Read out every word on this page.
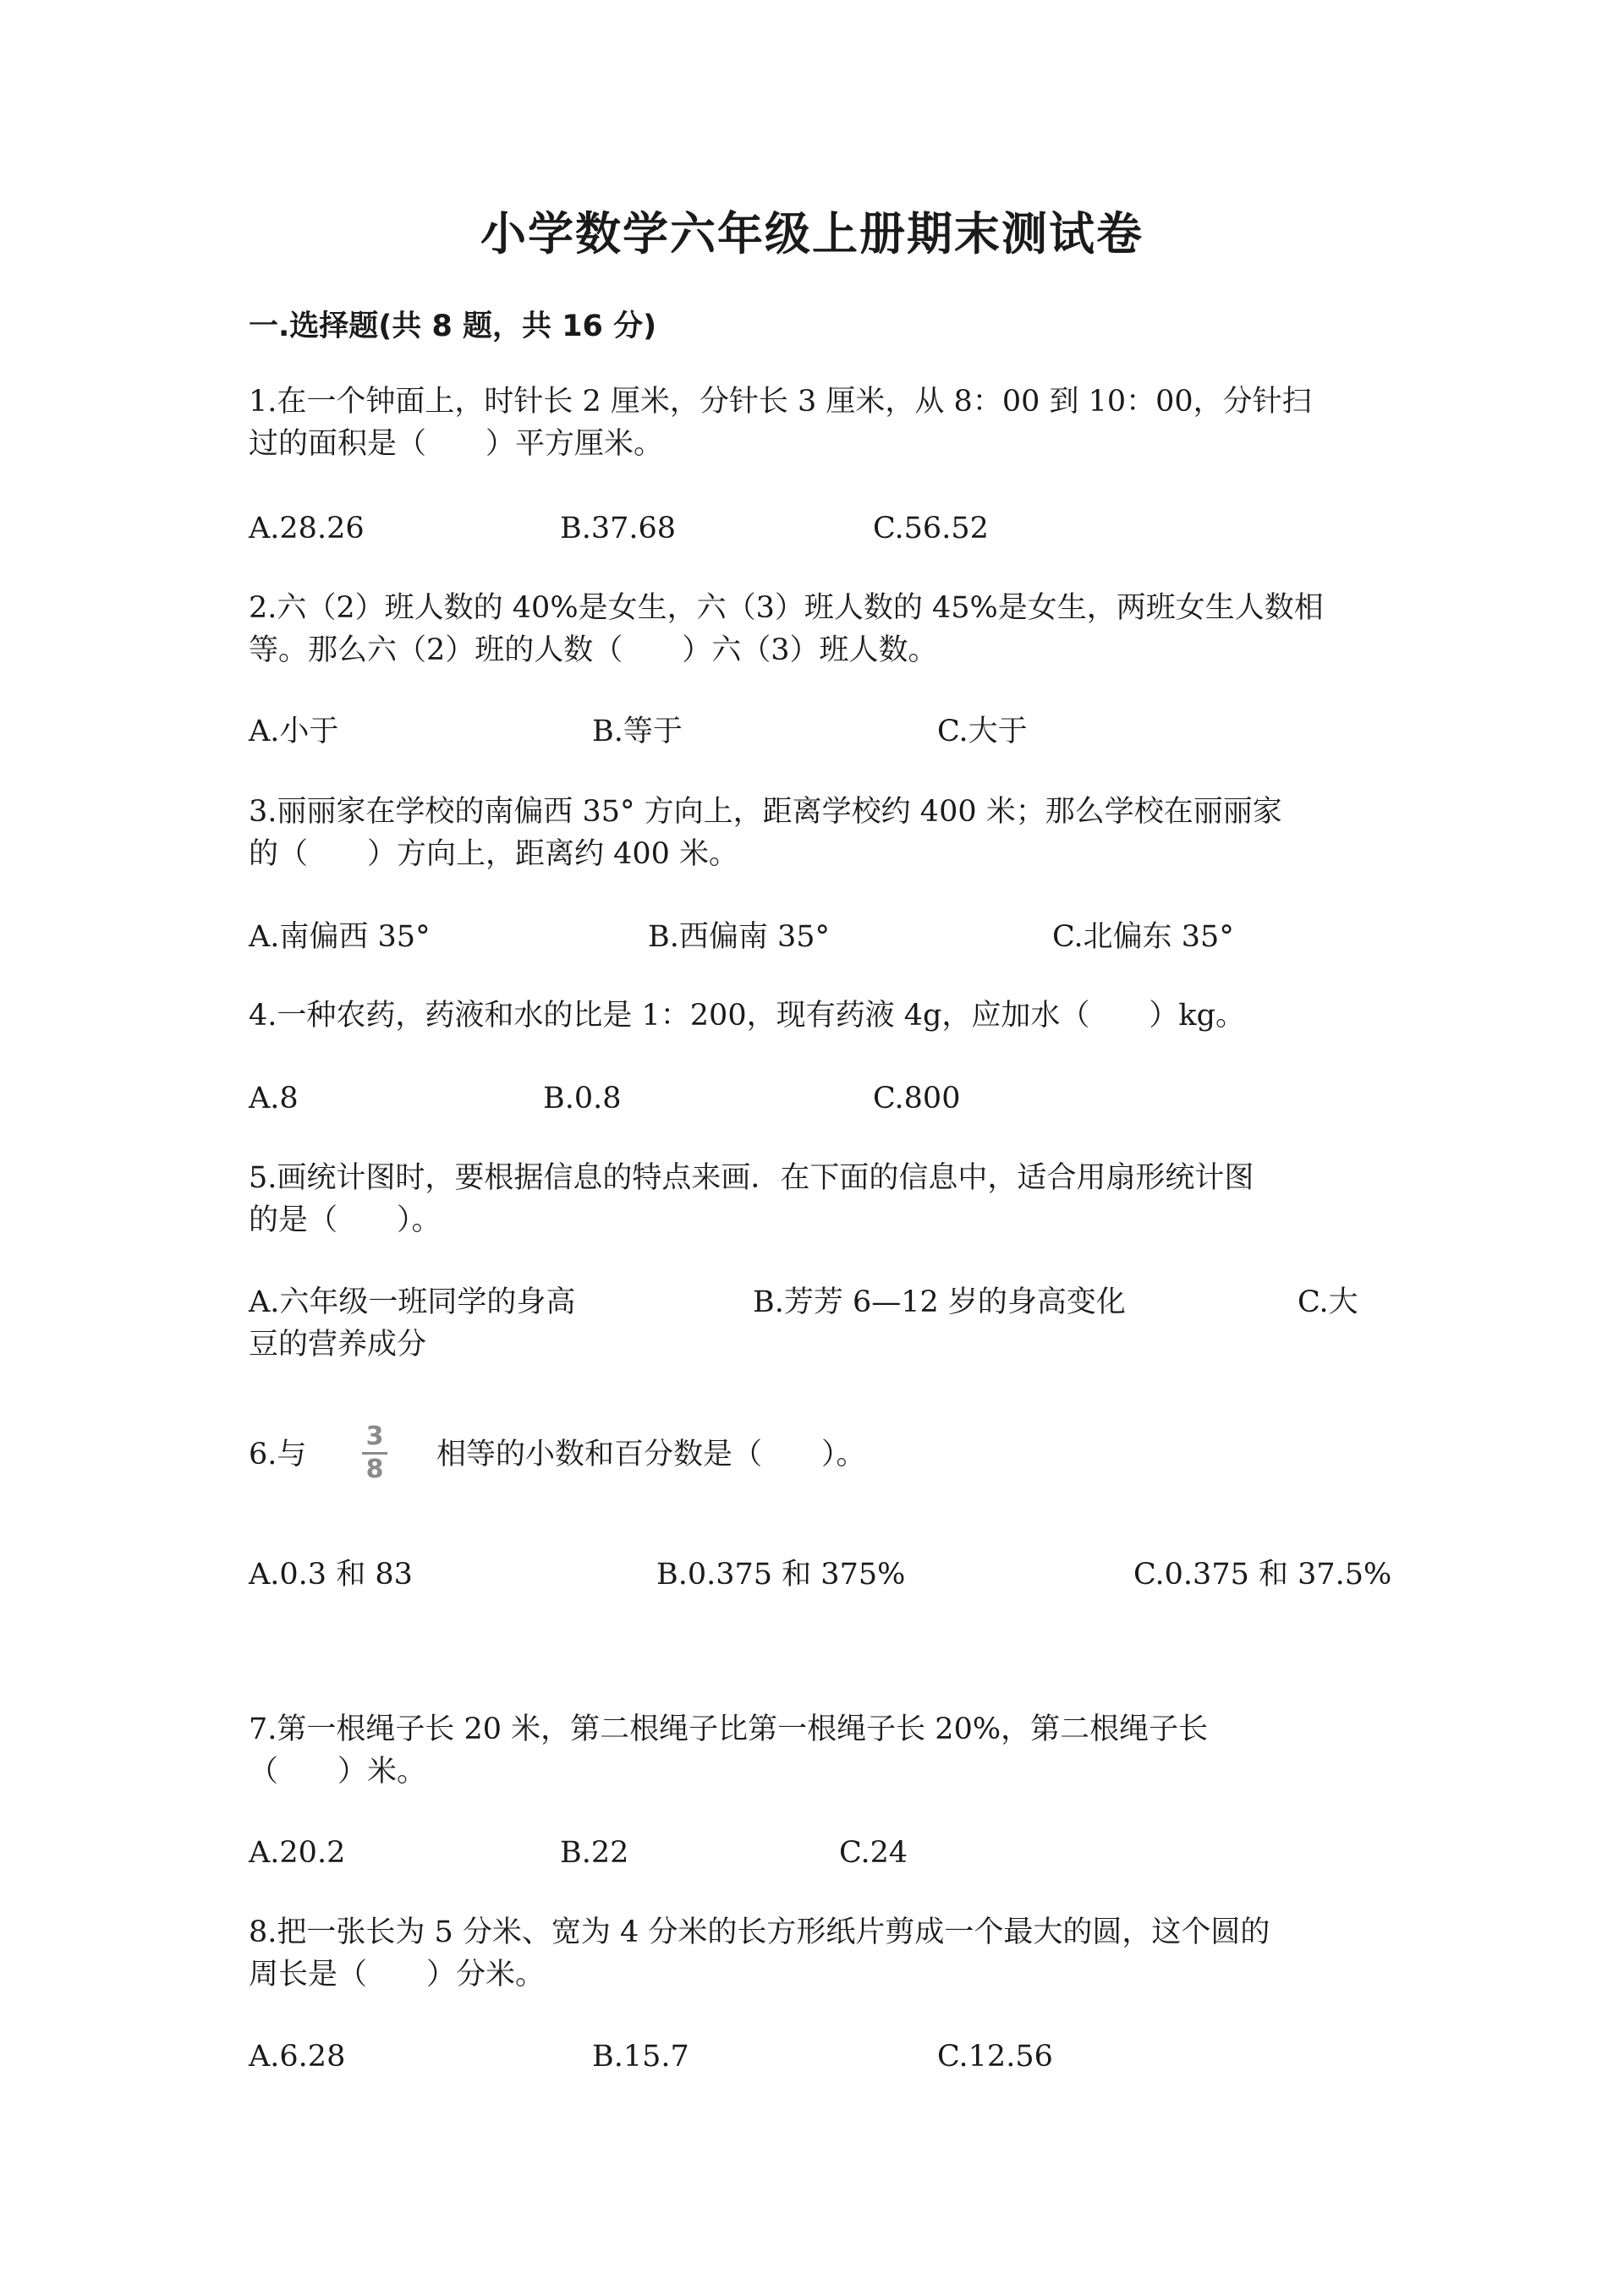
小学数学六年级上册期末测试卷
一.选择题(共 8 题，共 16 分)
1.在一个钟面上，时针长 2 厘米，分针长 3 厘米，从 8：00 到 10：00，分针扫
过的面积是（　　）平方厘米。
A.28.26	B.37.68	C.56.52
2.六（2）班人数的 40%是女生，六（3）班人数的 45%是女生，两班女生人数相
等。那么六（2）班的人数（　　）六（3）班人数。
A.小于	B.等于	C.大于
3.丽丽家在学校的南偏西 35° 方向上，距离学校约 400 米；那么学校在丽丽家
的（　　）方向上，距离约 400 米。
A.南偏西 35°	B.西偏南 35°	C.北偏东 35°
4.一种农药，药液和水的比是 1：200，现有药液 4g，应加水（　　）kg。
A.8	B.0.8	C.800
5.画统计图时，要根据信息的特点来画．在下面的信息中，适合用扇形统计图
的是（　　）。
A.六年级一班同学的身高	B.芳芳 6—12 岁的身高变化	C.大
豆的营养成分
6.与
3
8 相等的小数和百分数是（　　）。
A.0.3 和 83	B.0.375 和 375%	C.0.375 和 37.5%
7.第一根绳子长 20 米，第二根绳子比第一根绳子长 20%，第二根绳子长
（　　）米。
A.20.2	B.22	C.24
8.把一张长为 5 分米、宽为 4 分米的长方形纸片剪成一个最大的圆，这个圆的
周长是（　　）分米。
A.6.28	B.15.7	C.12.56
